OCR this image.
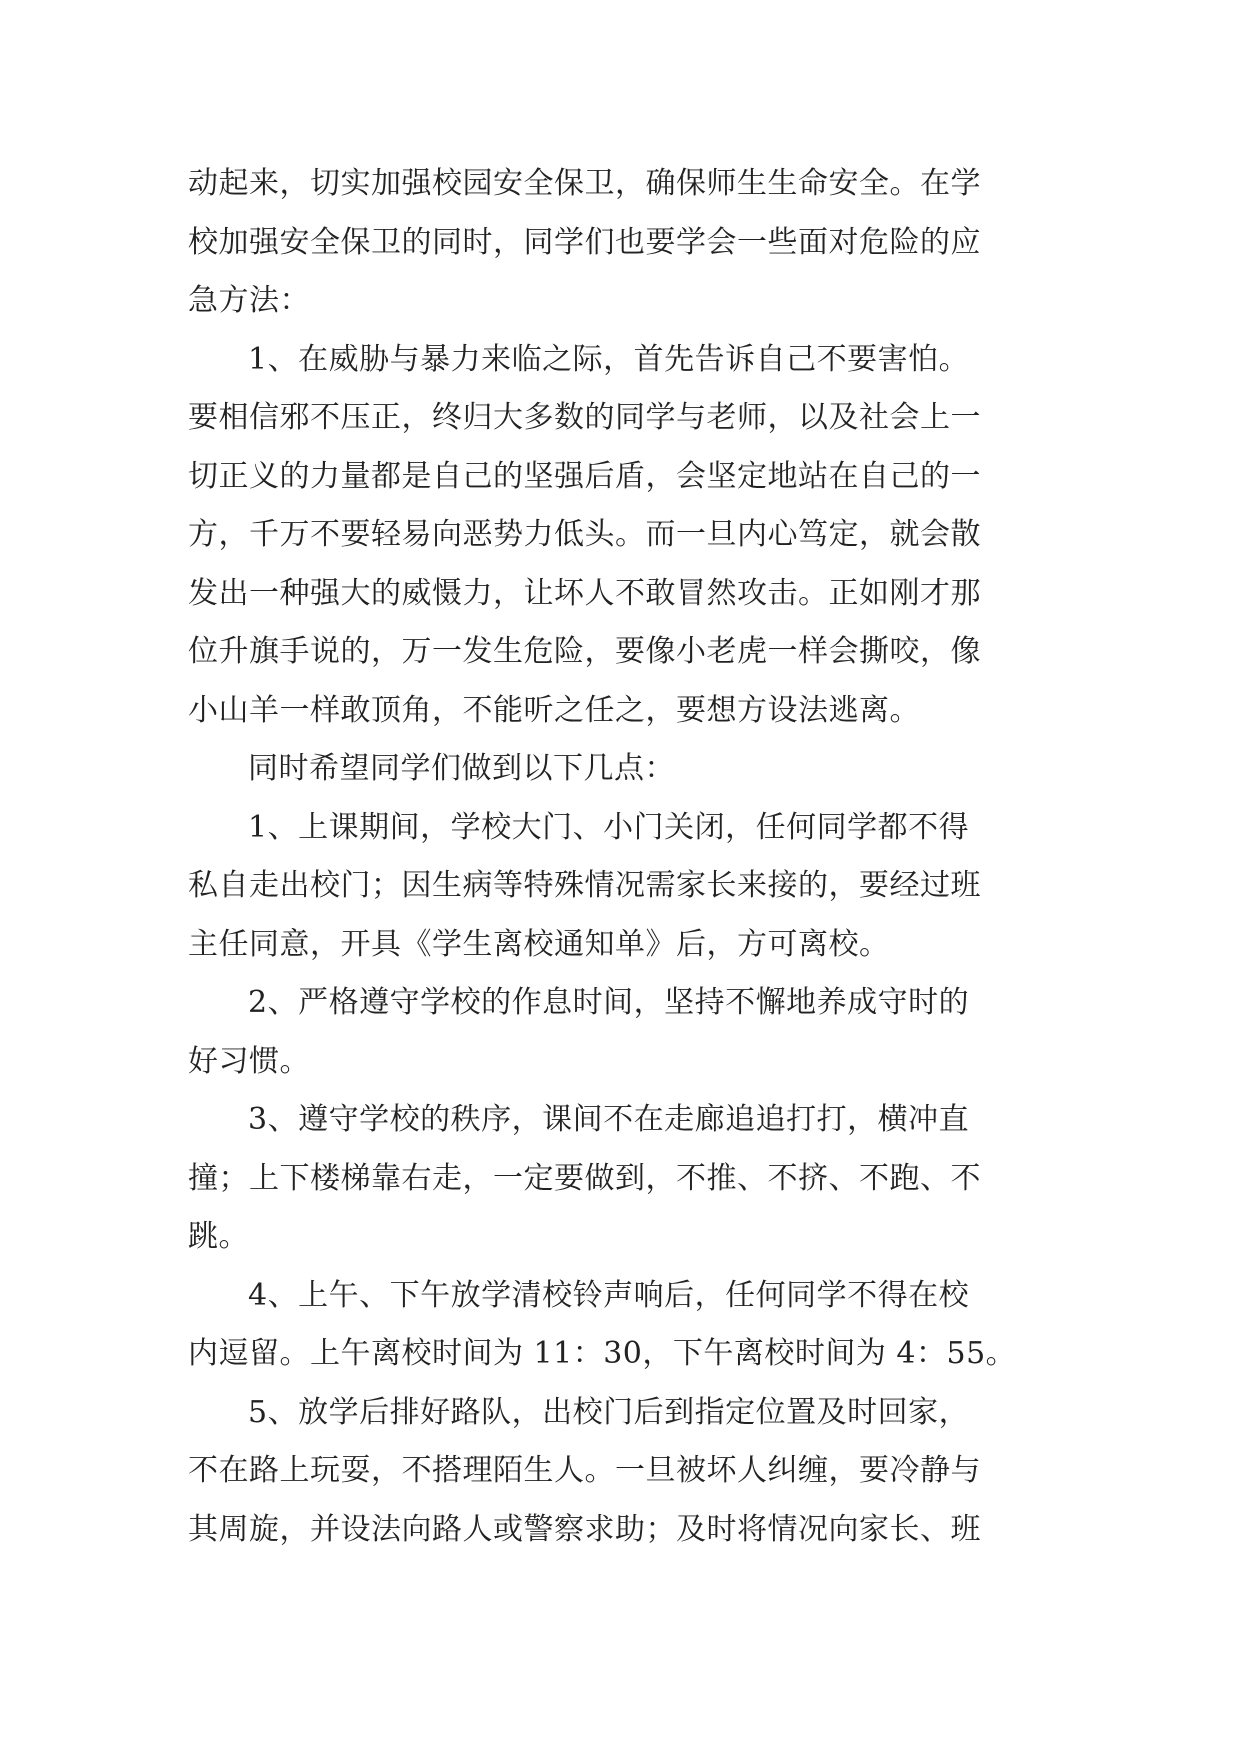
动起来，切实加强校园安全保卫，确保师生生命安全。在学
校加强安全保卫的同时，同学们也要学会一些面对危险的应
急方法：
1、在威胁与暴力来临之际，首先告诉自己不要害怕。
要相信邪不压正，终归大多数的同学与老师，以及社会上一
切正义的力量都是自己的坚强后盾，会坚定地站在自己的一
方，千万不要轻易向恶势力低头。而一旦内心笃定，就会散
发出一种强大的威慑力，让坏人不敢冒然攻击。正如刚才那
位升旗手说的，万一发生危险，要像小老虎一样会撕咬，像
小山羊一样敢顶角，不能听之任之，要想方设法逃离。
同时希望同学们做到以下几点：
1、上课期间，学校大门、小门关闭，任何同学都不得
私自走出校门；因生病等特殊情况需家长来接的，要经过班
主任同意，开具《学生离校通知单》后，方可离校。
2、严格遵守学校的作息时间，坚持不懈地养成守时的
好习惯。
3、遵守学校的秩序，课间不在走廊追追打打，横冲直
撞；上下楼梯靠右走，一定要做到，不推、不挤、不跑、不
跳。
4、上午、下午放学清校铃声响后，任何同学不得在校
内逗留。上午离校时间为 11：30，下午离校时间为 4：55。
5、放学后排好路队，出校门后到指定位置及时回家，
不在路上玩耍，不搭理陌生人。一旦被坏人纠缠，要冷静与
其周旋，并设法向路人或警察求助；及时将情况向家长、班
